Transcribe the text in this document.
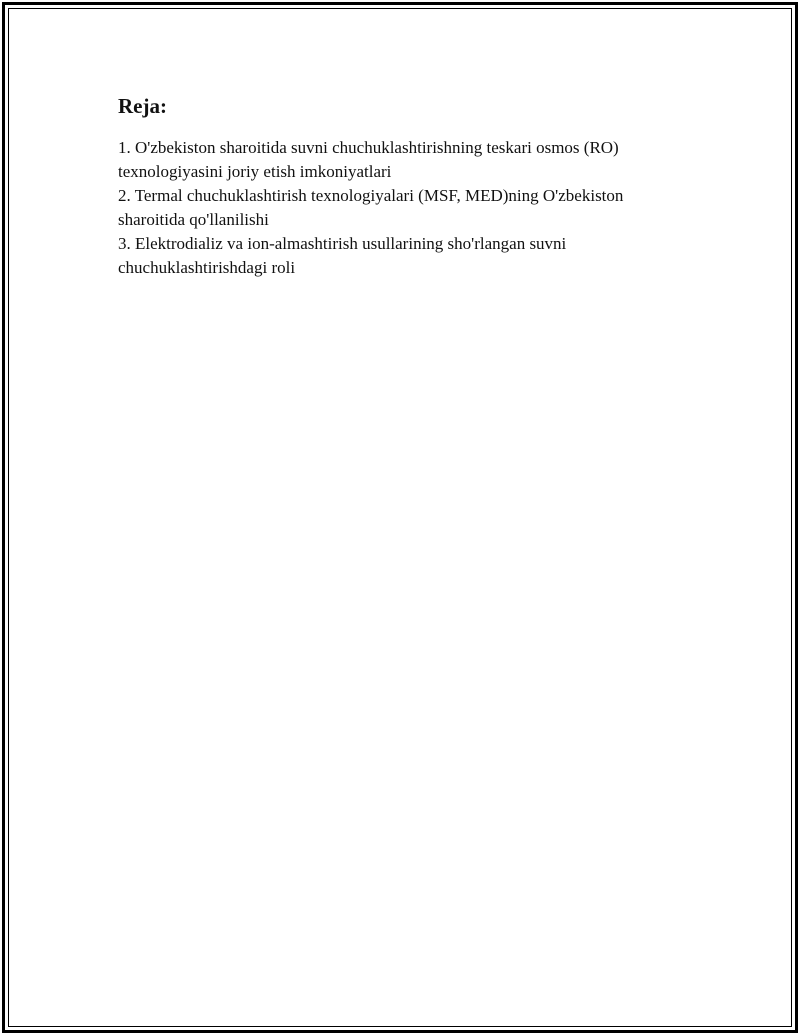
Reja:
1. O'zbekiston sharoitida suvni chuchuklashtirishning teskari osmos (RO) texnologiyasini joriy etish imkoniyatlari
2. Termal chuchuklashtirish texnologiyalari (MSF, MED)ning O'zbekiston sharoitida qo'llanilishi
3. Elektrodializ va ion-almashtirish usullarining sho'rlangan suvni chuchuklashtirishdagi roli
